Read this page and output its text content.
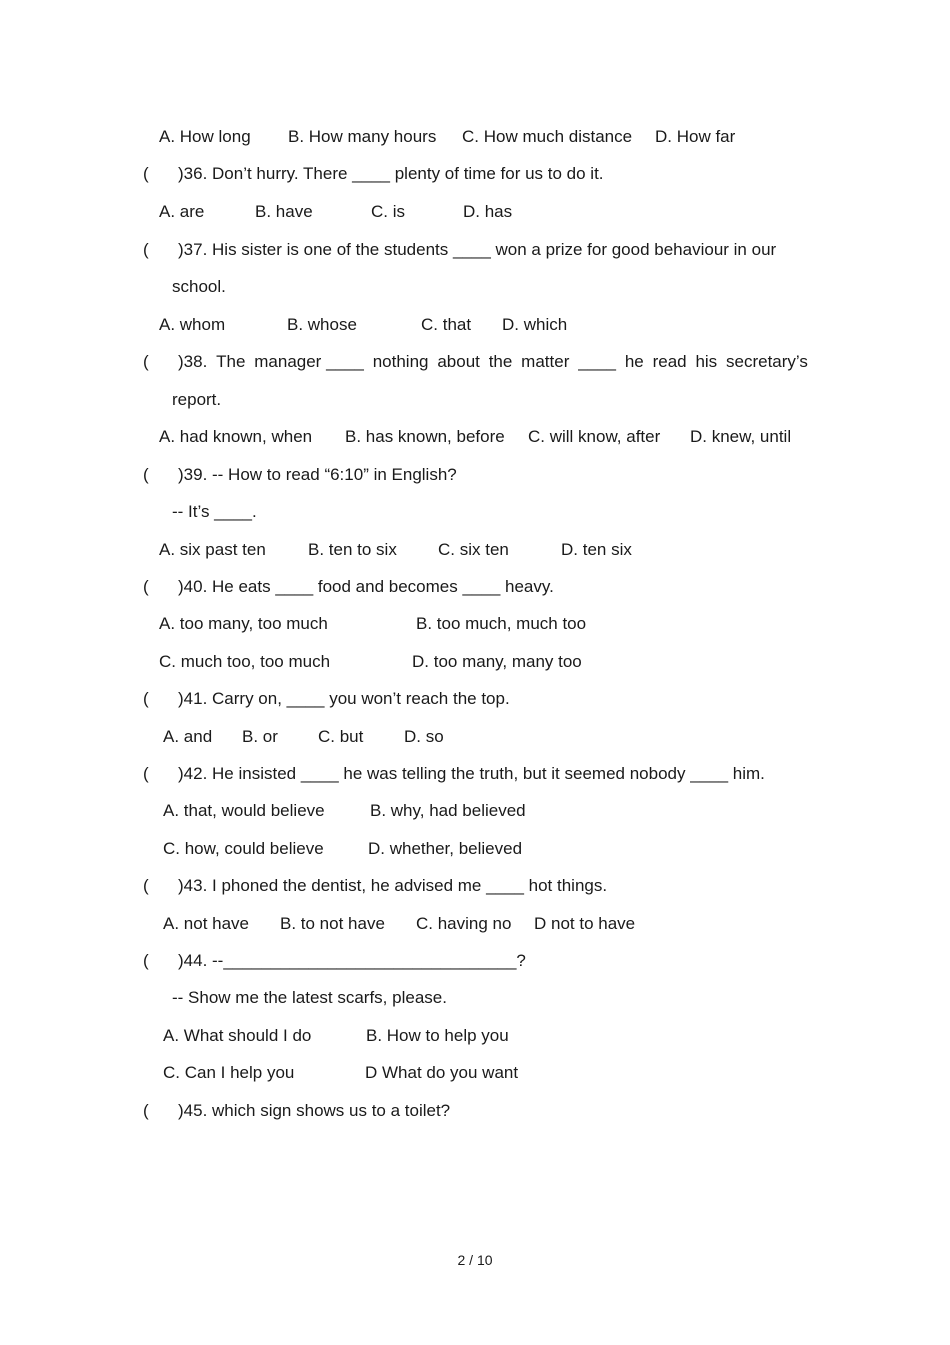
A. How long B. How many hours C. How much distance D. How far
( )36. Don’t hurry. There ____ plenty of time for us to do it.
A. are	B. have	C. is	D. has
( )37. His sister is one of the students ____ won a prize for good behaviour in our
school.
A. whom	B. whose	C. that D. which
( )38. The manager ____ nothing about the matter ____ he read his secretary’s
report.
A. had known, when B. has known, before C. will know, after D. knew, until
( )39. -- How to read “6:10” in English?
-- It’s ____.
A. six past ten B. ten to six C. six ten	D. ten six
( )40. He eats ____ food and becomes ____ heavy.
A. too many, too much	B. too much, much too
C. much too, too much	D. too many, many too
( )41. Carry on, ____ you won’t reach the top.
A. and B. or C. but D. so
( )42. He insisted ____ he was telling the truth, but it seemed nobody ____ him.
A. that, would believe	B. why, had believed
C. how, could believe	D. whether, believed
( )43. I phoned the dentist, he advised me ____ hot things.
A. not have B. to not have C. having no D not to have
( )44. --_______________________________?
-- Show me the latest scarfs, please.
A. What should I do	B. How to help you
C. Can I help you	D What do you want
( )45. which sign shows us to a toilet?
2 / 10
